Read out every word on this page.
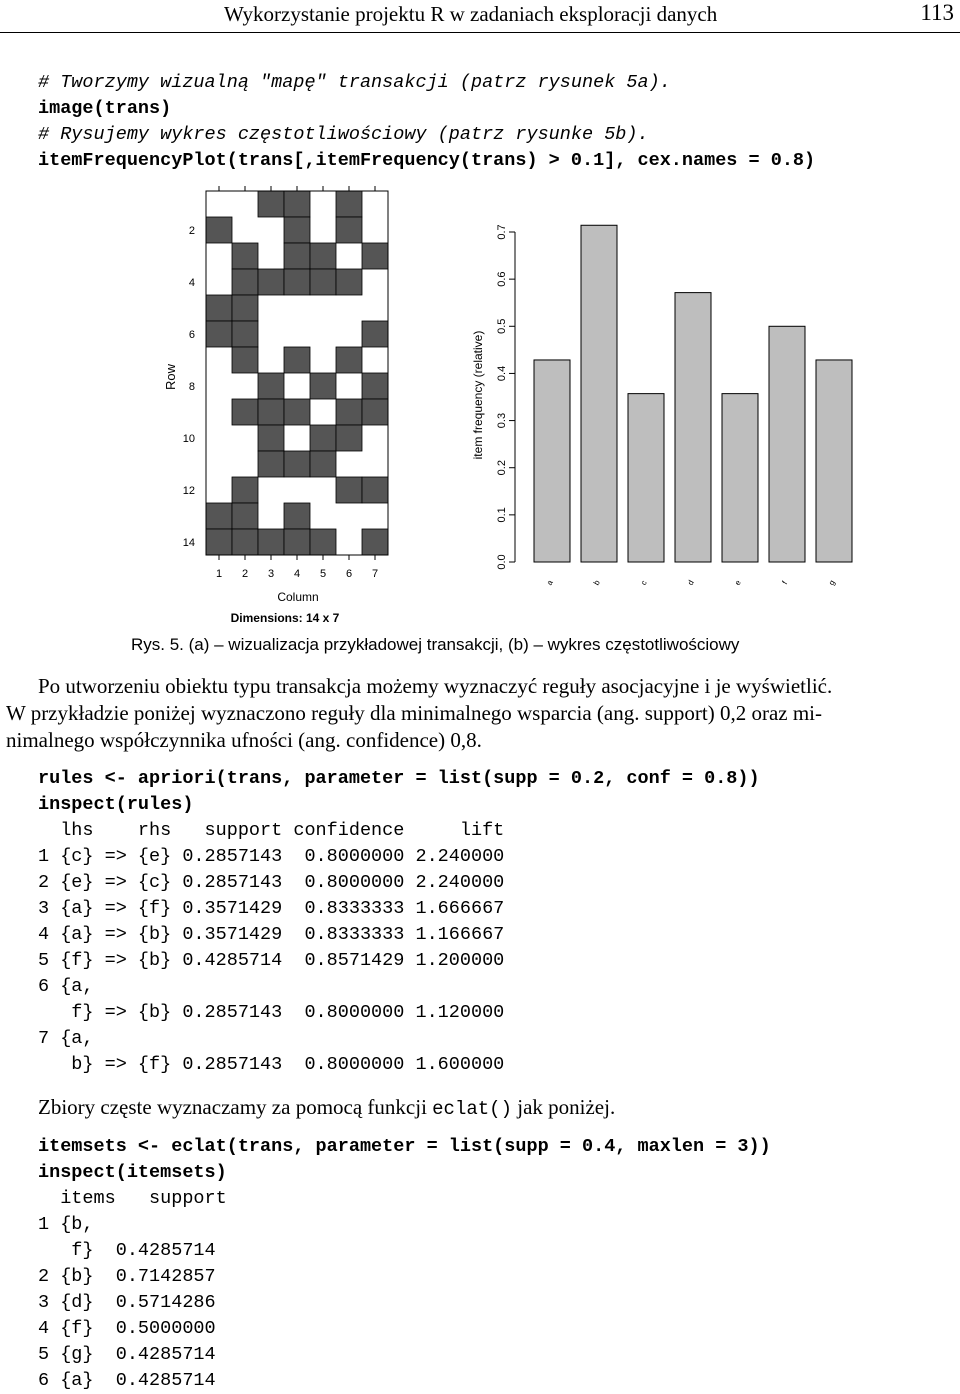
Wykorzystanie projektu R w zadaniach eksploracji danych	113
# Tworzymy wizualną "mapę" transakcji (patrz rysunek 5a).
image(trans)
# Rysujemy wykres częstotliwościowy (patrz rysunke 5b).
itemFrequencyPlot(trans[,itemFrequency(trans) > 0.1], cex.names = 0.8)
1 2 3 4 5 6 7
2
4
6
8
10
12
14
Row
Column
Dimensions: 14 x 7
a	b	c	d	e	f	g
0.0
0.1
0.2
0.3
0.4
0.5
0.6
0.7
item frequency (relative)
Rys. 5. (a) – wizualizacja przykładowej transakcji, (b) – wykres częstotliwościowy
Po utworzeniu obiektu typu transakcja możemy wyznaczyć reguły asocjacyjne i je wyświetlić.
W przykładzie poniżej wyznaczono reguły dla minimalnego wsparcia (ang. support) 0,2 oraz mi-
nimalnego współczynnika ufności (ang. confidence) 0,8.
rules <- apriori(trans, parameter = list(supp = 0.2, conf = 0.8))
inspect(rules)
lhs    rhs   support confidence     lift
1 {c} => {e} 0.2857143  0.8000000 2.240000
2 {e} => {c} 0.2857143  0.8000000 2.240000
3 {a} => {f} 0.3571429  0.8333333 1.666667
4 {a} => {b} 0.3571429  0.8333333 1.166667
5 {f} => {b} 0.4285714  0.8571429 1.200000
6 {a,
f} => {b} 0.2857143  0.8000000 1.120000
7 {a,
b} => {f} 0.2857143  0.8000000 1.600000
Zbiory częste wyznaczamy za pomocą funkcji eclat() jak poniżej.
itemsets <- eclat(trans, parameter = list(supp = 0.4, maxlen = 3))
inspect(itemsets)
items   support
1 {b,
f}  0.4285714
2 {b}  0.7142857
3 {d}  0.5714286
4 {f}  0.5000000
5 {g}  0.4285714
6 {a}  0.4285714
